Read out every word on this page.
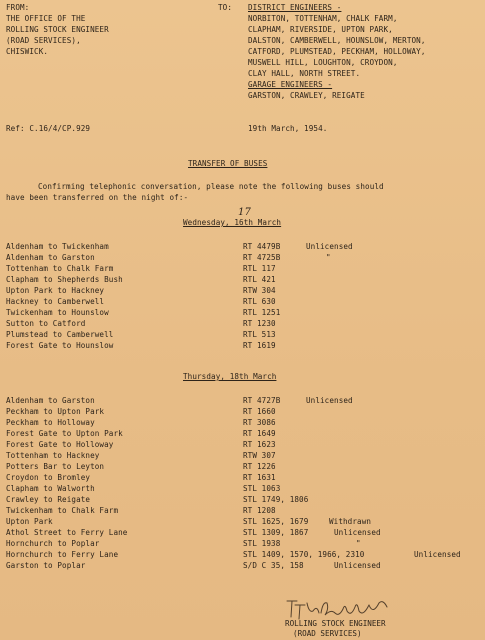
FROM:
THE OFFICE OF THE
ROLLING STOCK ENGINEER
(ROAD SERVICES),
CHISWICK.
TO: DISTRICT ENGINEERS -
NORBITON, TOTTENHAM, CHALK FARM,
CLAPHAM, RIVERSIDE, UPTON PARK,
DALSTON, CAMBERWELL, HOUNSLOW, MERTON,
CATFORD, PLUMSTEAD, PECKHAM, HOLLOWAY,
MUSWELL HILL, LOUGHTON, CROYDON,
CLAY HALL, NORTH STREET.
GARAGE ENGINEERS -
GARSTON, CRAWLEY, REIGATE
Ref: C.16/4/CP.929	19th March, 1954.
TRANSFER OF BUSES
Confirming telephonic conversation, please note the following buses should
have been transferred on the night of:-
17
Wednesday, 16th March
Aldenham to Twickenham	RT 4479B	Unlicensed
Aldenham to Garston	RT 4725B	"
Tottenham to Chalk Farm	RTL 117
Clapham to Shepherds Bush	RTL 421
Upton Park to Hackney	RTW 304
Hackney to Camberwell	RTL 630
Twickenham to Hounslow	RTL 1251
Sutton to Catford	RT 1230
Plumstead to Camberwell	RTL 513
Forest Gate to Hounslow	RT 1619
Thursday, 18th March
Aldenham to Garston	RT 4727B	Unlicensed
Peckham to Upton Park	RT 1660
Peckham to Holloway	RT 3086
Forest Gate to Upton Park	RT 1649
Forest Gate to Holloway	RT 1623
Tottenham to Hackney	RTW 307
Potters Bar to Leyton	RT 1226
Croydon to Bromley	RT 1631
Clapham to Walworth	STL 1063
Crawley to Reigate	STL 1749, 1806
Twickenham to Chalk Farm	RT 1208
Upton Park	STL 1625, 1679	Withdrawn
Athol Street to Ferry Lane	STL 1309, 1867	Unlicensed
Hornchurch to Poplar	STL 1938	"
Hornchurch to Ferry Lane	STL 1409, 1570, 1966, 2310	Unlicensed
Garston to Poplar	S/D C 35, 158	Unlicensed
ROLLING STOCK ENGINEER
(ROAD SERVICES)
